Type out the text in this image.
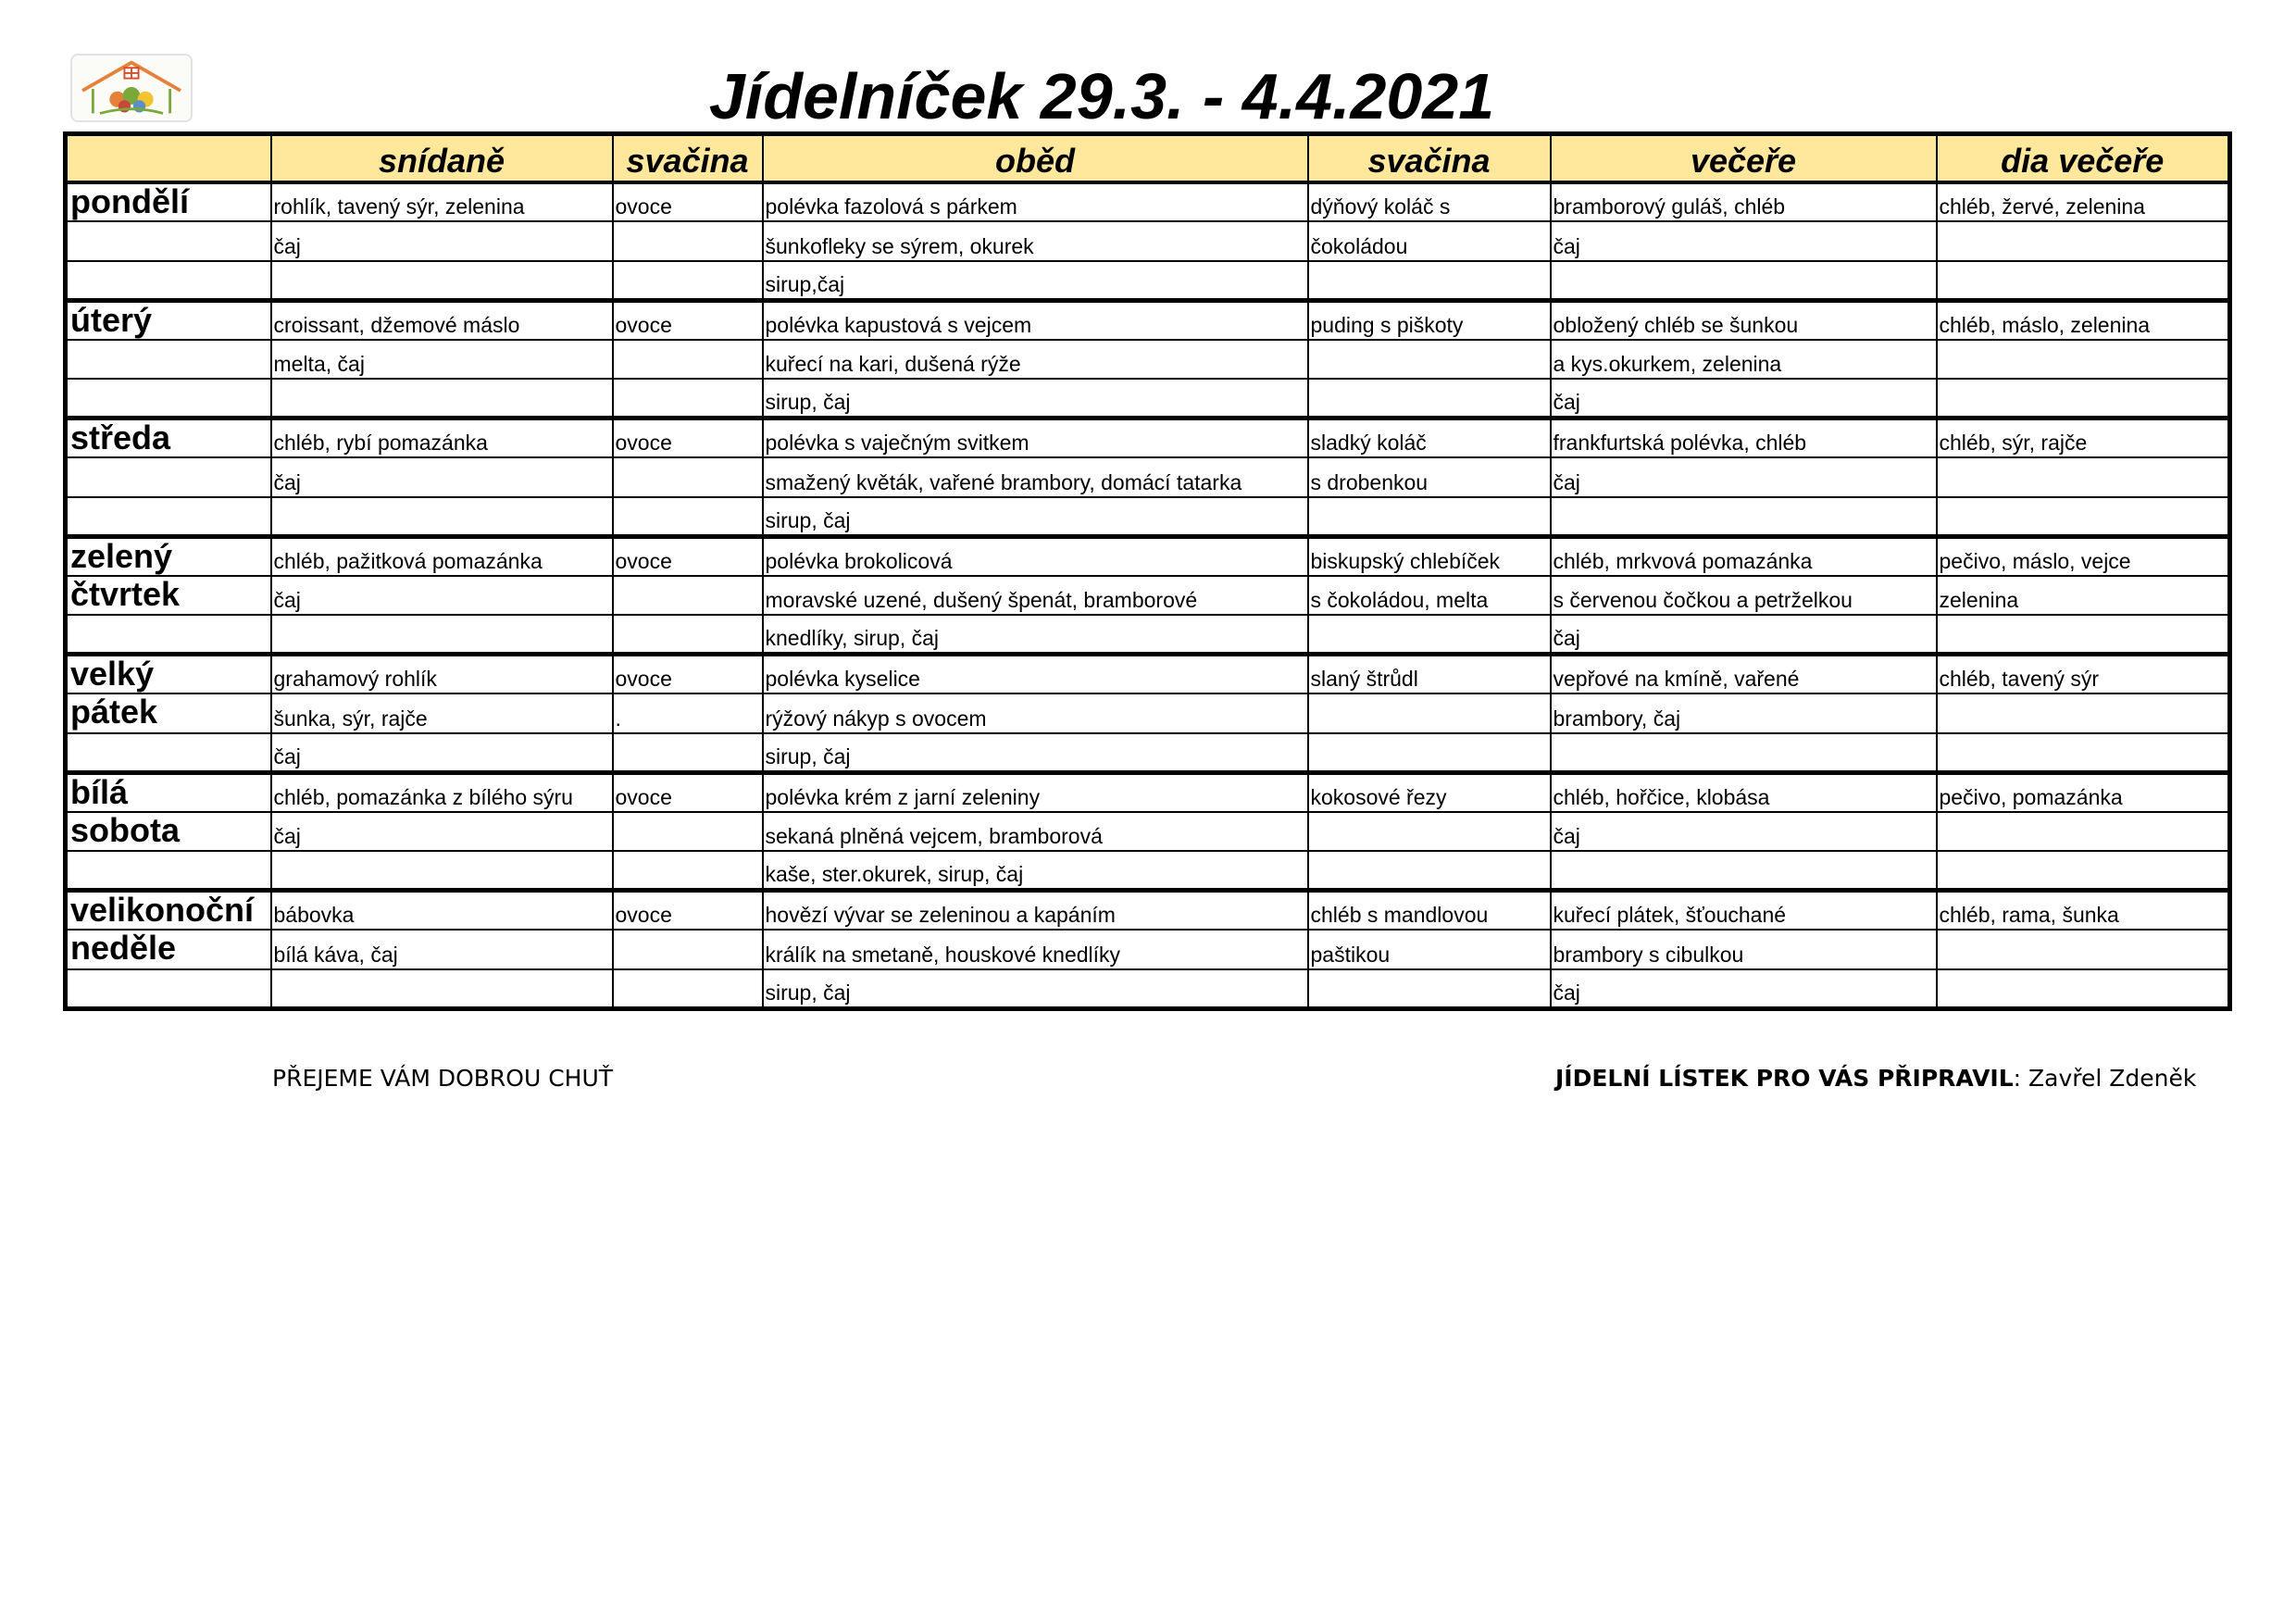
Jídelníček 29.3. - 4.4.2021
	snídaně	svačina	oběd	svačina	večeře	dia večeře
pondělí	rohlík, tavený sýr, zelenina	ovoce	polévka fazolová s párkem	dýňový koláč s	bramborový guláš, chléb	chléb, žervé, zelenina
	čaj		šunkofleky se sýrem, okurek	čokoládou	čaj	
			sirup,čaj			
úterý	croissant, džemové máslo	ovoce	polévka kapustová s vejcem	puding s piškoty	obložený chléb se šunkou	chléb, máslo, zelenina
	melta, čaj		kuřecí na kari, dušená rýže		a kys.okurkem, zelenina	
			sirup, čaj		čaj	
středa	chléb, rybí pomazánka	ovoce	polévka s vaječným svitkem	sladký koláč	frankfurtská polévka, chléb	chléb, sýr, rajče
	čaj		smažený květák, vařené brambory, domácí tatarka	s drobenkou	čaj	
			sirup, čaj			
zelený	chléb, pažitková pomazánka	ovoce	polévka brokolicová	biskupský chlebíček	chléb, mrkvová pomazánka	pečivo, máslo, vejce
čtvrtek	čaj		moravské uzené, dušený špenát, bramborové	s čokoládou, melta	s červenou čočkou a petrželkou	zelenina
			knedlíky, sirup, čaj		čaj	
velký	grahamový rohlík	ovoce	polévka kyselice	slaný štrůdl	vepřové na kmíně, vařené	chléb, tavený sýr
pátek	šunka, sýr, rajče	.	rýžový nákyp s ovocem		brambory, čaj	
	čaj		sirup, čaj			
bílá	chléb, pomazánka z bílého sýru	ovoce	polévka krém z jarní zeleniny	kokosové řezy	chléb, hořčice, klobása	pečivo, pomazánka
sobota	čaj		sekaná plněná vejcem, bramborová		čaj	
			kaše, ster.okurek, sirup, čaj			
velikonoční	bábovka	ovoce	hovězí vývar se zeleninou a kapáním	chléb s mandlovou	kuřecí plátek, šťouchané	chléb, rama, šunka
neděle	bílá káva, čaj		králík na smetaně, houskové knedlíky	paštikou	brambory s cibulkou	
			sirup, čaj		čaj	
PŘEJEME VÁM DOBROU CHUŤ	JÍDELNÍ LÍSTEK PRO VÁS PŘIPRAVIL: Zavřel Zdeněk
